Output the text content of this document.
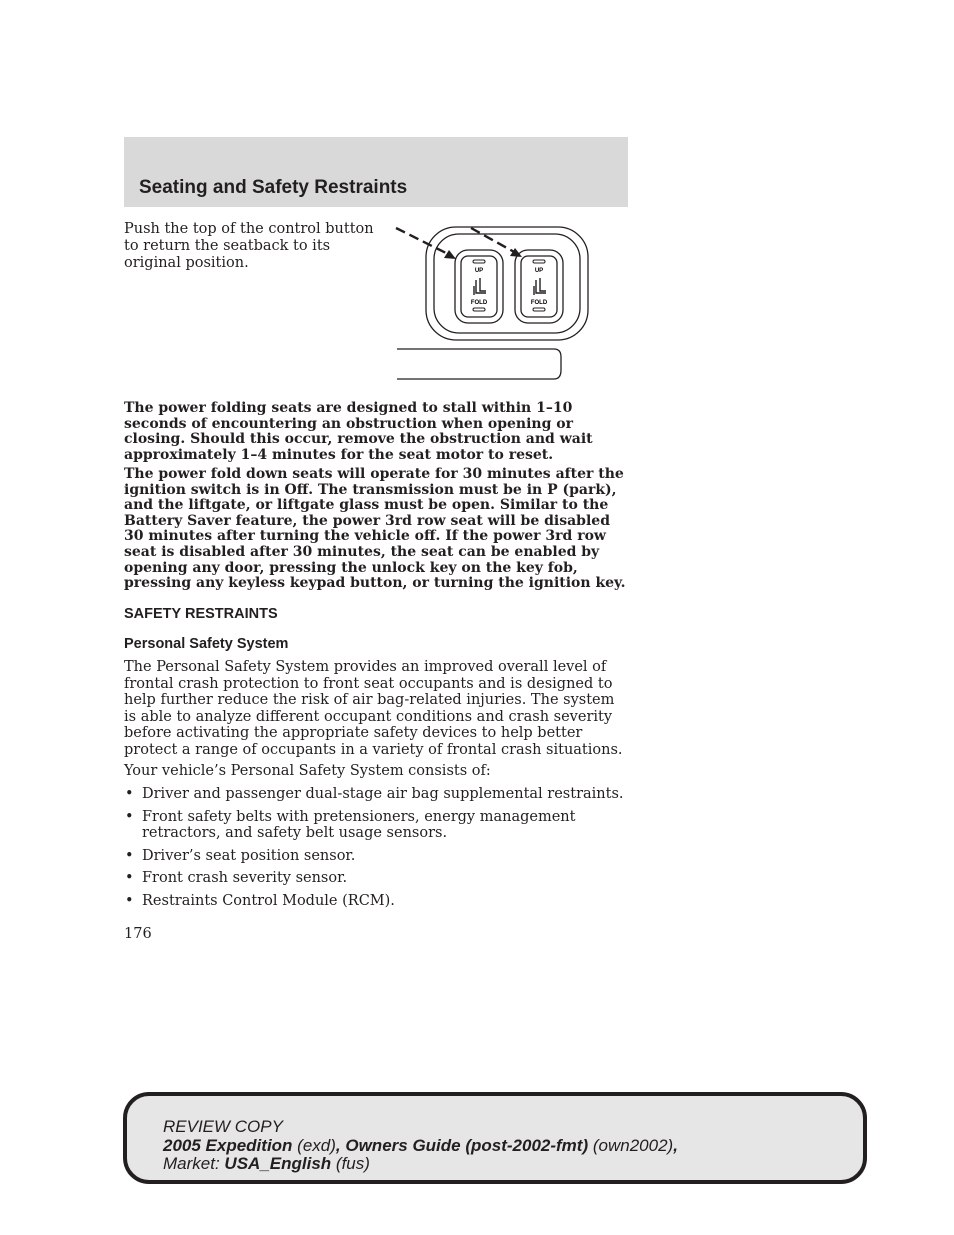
Seating and Safety Restraints

Push the top of the control button to return the seatback to its original position.	UP
FOLD
UP
FOLD

The power folding seats are designed to stall within 1–10 seconds of encountering an obstruction when opening or closing. Should this occur, remove the obstruction and wait approximately 1–4 minutes for the seat motor to reset.

The power fold down seats will operate for 30 minutes after the ignition switch is in Off. The transmission must be in P (park), and the liftgate, or liftgate glass must be open. Similar to the Battery Saver feature, the power 3rd row seat will be disabled 30 minutes after turning the vehicle off. If the power 3rd row seat is disabled after 30 minutes, the seat can be enabled by opening any door, pressing the unlock key on the key fob, pressing any keyless keypad button, or turning the ignition key.

SAFETY RESTRAINTS
Personal Safety System

The Personal Safety System provides an improved overall level of frontal crash protection to front seat occupants and is designed to help further reduce the risk of air bag-related injuries. The system is able to analyze different occupant conditions and crash severity before activating the appropriate safety devices to help better protect a range of occupants in a variety of frontal crash situations.

Your vehicle’s Personal Safety System consists of:

• Driver and passenger dual-stage air bag supplemental restraints.
• Front safety belts with pretensioners, energy management retractors, and safety belt usage sensors.
• Driver’s seat position sensor.
• Front crash severity sensor.
• Restraints Control Module (RCM).

176

REVIEW COPY
2005 Expedition (exd), Owners Guide (post-2002-fmt) (own2002),
Market: USA_English (fus)
